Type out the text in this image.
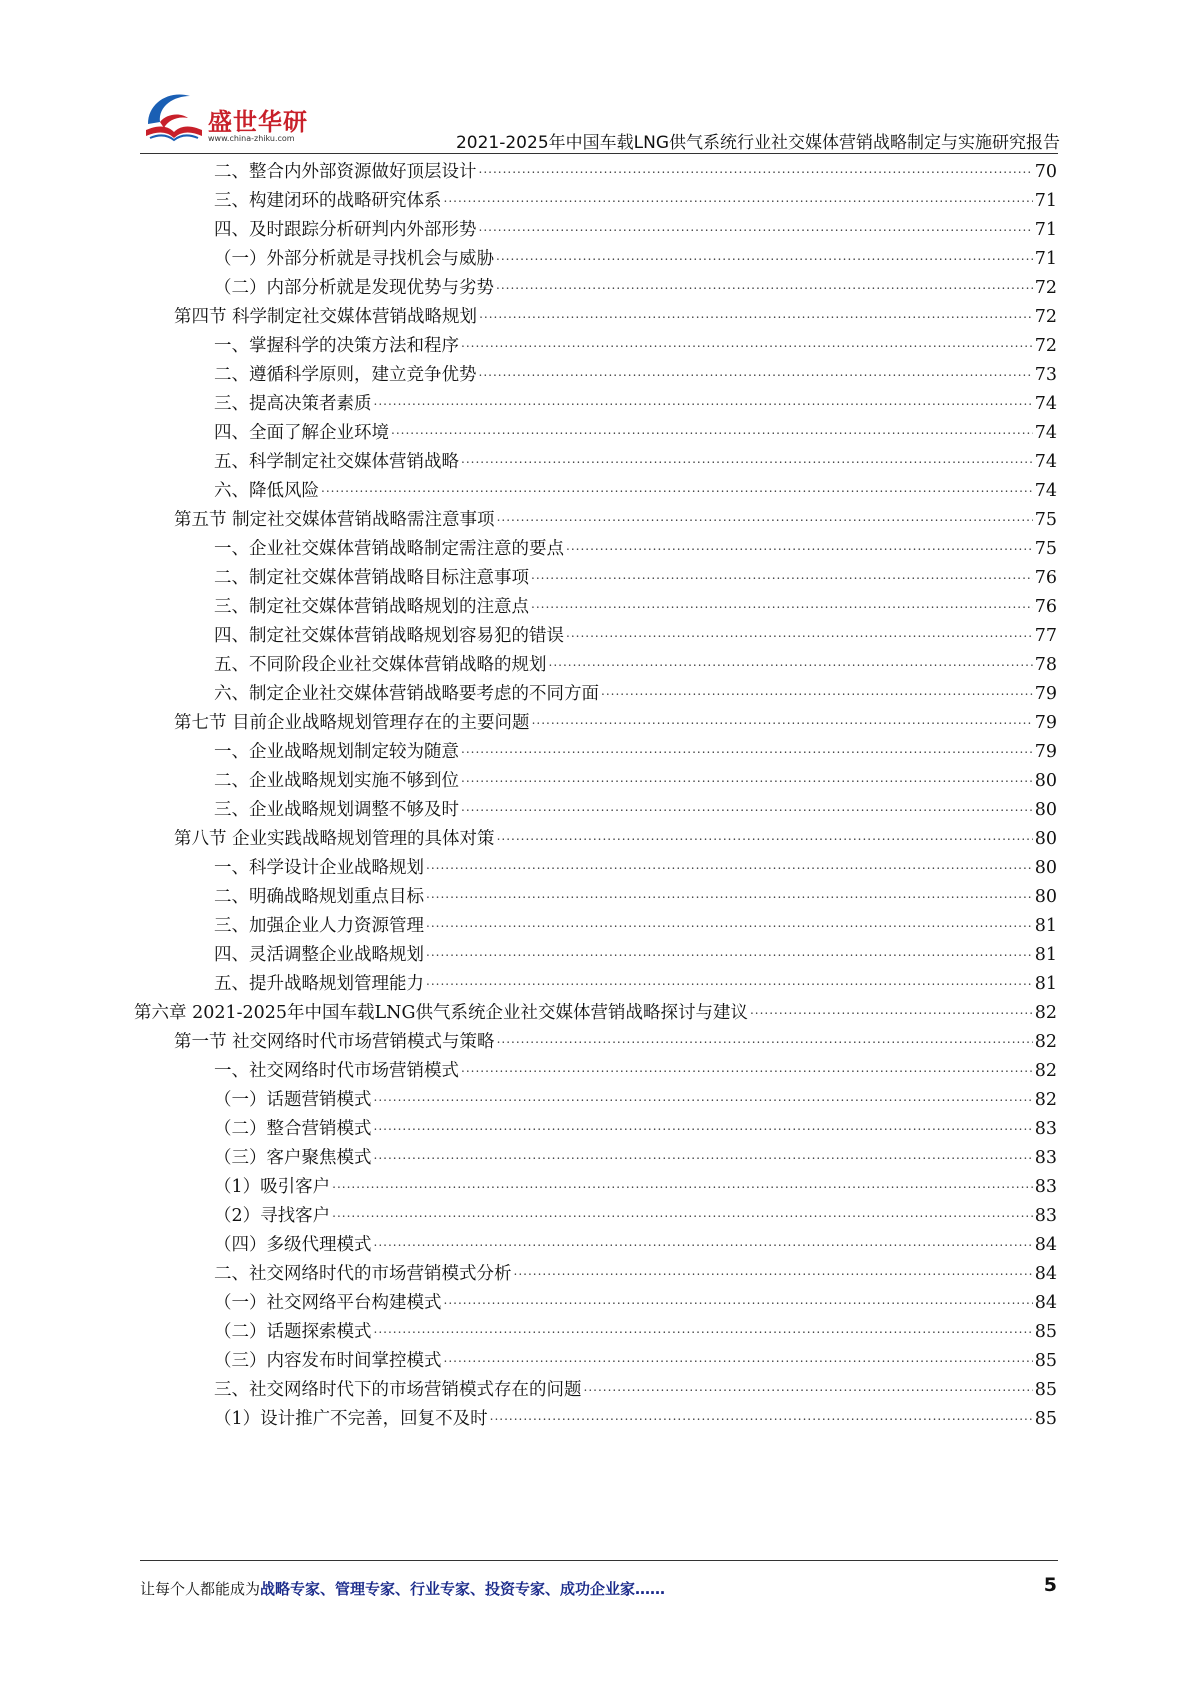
盛世华研
www.china-zhiku.com	2021-2025年中国车载LNG供气系统行业社交媒体营销战略制定与实施研究报告
二、整合内外部资源做好顶层设计 .....	70
三、构建闭环的战略研究体系 .....	71
四、及时跟踪分析研判内外部形势 .....	71
（一）外部分析就是寻找机会与威胁 .....	71
（二）内部分析就是发现优势与劣势 .....	72
第四节 科学制定社交媒体营销战略规划 .....	72
一、掌握科学的决策方法和程序 .....	72
二、遵循科学原则，建立竞争优势 .....	73
三、提高决策者素质 .....	74
四、全面了解企业环境 .....	74
五、科学制定社交媒体营销战略 .....	74
六、降低风险 .....	74
第五节 制定社交媒体营销战略需注意事项 .....	75
一、企业社交媒体营销战略制定需注意的要点 .....	75
二、制定社交媒体营销战略目标注意事项 .....	76
三、制定社交媒体营销战略规划的注意点 .....	76
四、制定社交媒体营销战略规划容易犯的错误 .....	77
五、不同阶段企业社交媒体营销战略的规划 .....	78
六、制定企业社交媒体营销战略要考虑的不同方面 .....	79
第七节 目前企业战略规划管理存在的主要问题 .....	79
一、企业战略规划制定较为随意 .....	79
二、企业战略规划实施不够到位 .....	80
三、企业战略规划调整不够及时 .....	80
第八节 企业实践战略规划管理的具体对策 .....	80
一、科学设计企业战略规划 .....	80
二、明确战略规划重点目标 .....	80
三、加强企业人力资源管理 .....	81
四、灵活调整企业战略规划 .....	81
五、提升战略规划管理能力 .....	81
第六章 2021-2025年中国车载LNG供气系统企业社交媒体营销战略探讨与建议 .....	82
第一节 社交网络时代市场营销模式与策略 .....	82
一、社交网络时代市场营销模式 .....	82
（一）话题营销模式 .....	82
（二）整合营销模式 .....	83
（三）客户聚焦模式 .....	83
（1）吸引客户 .....	83
（2）寻找客户 .....	83
（四）多级代理模式 .....	84
二、社交网络时代的市场营销模式分析 .....	84
（一）社交网络平台构建模式 .....	84
（二）话题探索模式 .....	85
（三）内容发布时间掌控模式 .....	85
三、社交网络时代下的市场营销模式存在的问题 .....	85
（1）设计推广不完善，回复不及时 .....	85
让每个人都能成为战略专家、管理专家、行业专家、投资专家、成功企业家……	5
